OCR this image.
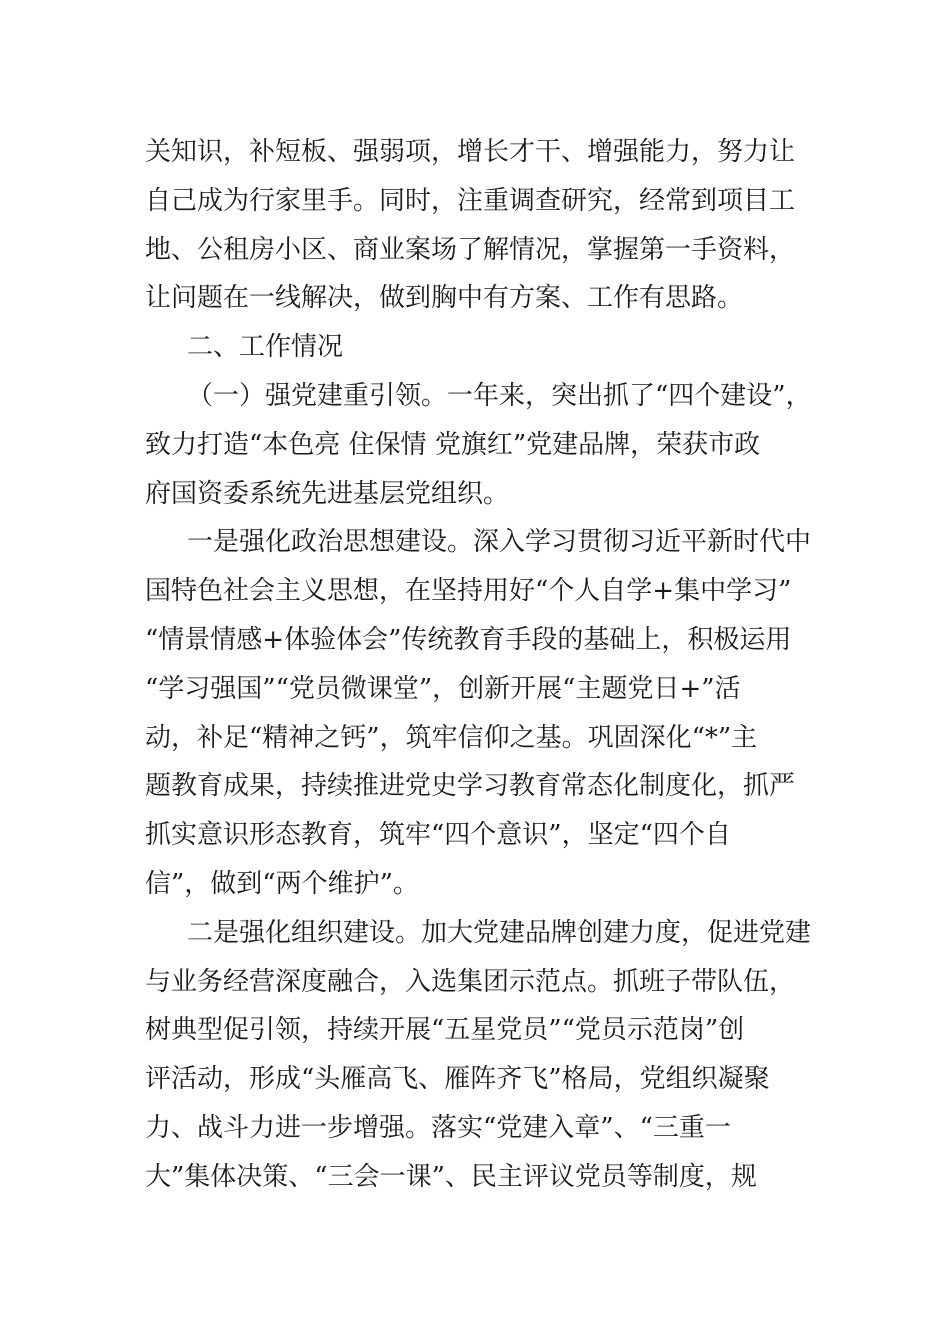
关知识，补短板、强弱项，增长才干、增强能力，努力让
自己成为行家里手。同时，注重调查研究，经常到项目工
地、公租房小区、商业案场了解情况，掌握第一手资料，
让问题在一线解决，做到胸中有方案、工作有思路。
二、工作情况
（一）强党建重引领。一年来，突出抓了“四个建设”，
致力打造“本色亮 住保情 党旗红”党建品牌，荣获市政
府国资委系统先进基层党组织。
一是强化政治思想建设。深入学习贯彻习近平新时代中
国特色社会主义思想，在坚持用好“个人自学+集中学习”
“情景情感+体验体会”传统教育手段的基础上，积极运用
“学习强国”“党员微课堂”，创新开展“主题党日+”活
动，补足“精神之钙”，筑牢信仰之基。巩固深化“*”主
题教育成果，持续推进党史学习教育常态化制度化，抓严
抓实意识形态教育，筑牢“四个意识”，坚定“四个自
信”，做到“两个维护”。
二是强化组织建设。加大党建品牌创建力度，促进党建
与业务经营深度融合，入选集团示范点。抓班子带队伍，
树典型促引领，持续开展“五星党员”“党员示范岗”创
评活动，形成“头雁高飞、雁阵齐飞”格局，党组织凝聚
力、战斗力进一步增强。落实“党建入章”、“三重一
大”集体决策、“三会一课”、民主评议党员等制度，规
